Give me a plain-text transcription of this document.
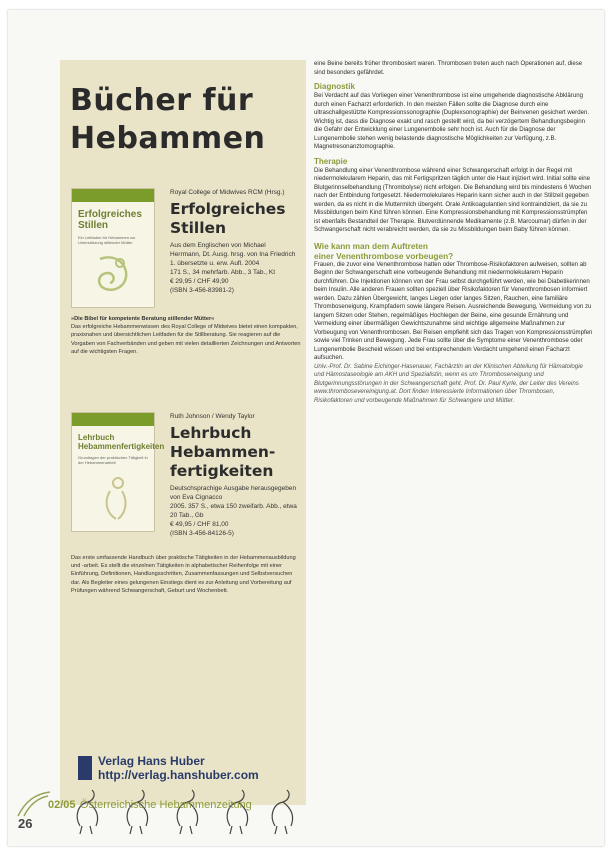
Bücher für
Hebammen
Erfolgreiches Stillen
Ein Leitfaden für Hebammen zur Unterstützung stillender Mütter
Royal College of Midwives RCM (Hrsg.)
Erfolgreiches
Stillen
Aus dem Englischen von Michael Herrmann, Dt. Ausg. hrsg. von Ina Friedrich
1. übersetzte u. erw. Aufl. 2004
171 S., 34 mehrfarb. Abb., 3 Tab., Kt
€ 29,95 / CHF 49,90
(ISBN 3-456-83981-2)
»Die Bibel für kompetente Beratung stillender Mütter«
Das erfolgreiche Hebammenwissen des Royal College of Midwives bietet einen kompakten, praxisnahen und übersichtlichen Leitfaden für die Stillberatung. Sie reagieren auf die Vorgaben von Fachverbänden und geben mit vielen detaillierten Zeichnungen und Antworten auf die wichtigsten Fragen.
Lehrbuch Hebammenfertigkeiten
Grundlagen der praktischen Tätigkeit in der Hebammenarbeit
Ruth Johnson / Wendy Taylor
Lehrbuch
Hebammen-
fertigkeiten
Deutschsprachige Ausgabe herausgegeben von Eva Cignacco
2005. 357 S., etwa 150 zweifarb. Abb., etwa 20 Tab., Gb
€ 49,95 / CHF 81,00
(ISBN 3-456-84126-5)
Das erste umfassende Handbuch über praktische Tätigkeiten in der Hebammenausbildung und -arbeit. Es stellt die einzelnen Tätigkeiten in alphabetischer Reihenfolge mit einer Einführung, Definitionen, Handlungsschritten, Zusammenfassungen und Selbstversuchen dar. Als Begleiter eines gelungenen Einstiegs dient es zur Anleitung und Vorbereitung auf Prüfungen während Schwangerschaft, Geburt und Wochenbett.
Verlag Hans Huber
http://verlag.hanshuber.com

eine Beine bereits früher thrombosiert waren. Thrombosen treten auch nach Operationen auf, diese sind besonders gefährdet.

Diagnostik

Bei Verdacht auf das Vorliegen einer Venenthrombose ist eine umgehende diagnostische Abklärung durch einen Facharzt erforderlich. In den meisten Fällen sollte die Diagnose durch eine ultraschallgestützte Kompressionssonographie (Duplexsonographie) der Beinvenen gesichert werden. Wichtig ist, dass die Diagnose exakt und rasch gestellt wird, da bei verzögertem Behandlungsbeginn die Gefahr der Entwicklung einer Lungenembolie sehr hoch ist. Auch für die Diagnose der Lungenembolie stehen wenig belastende diagnostische Möglichkeiten zur Verfügung, z.B. Magnetresonanztomographie.

Therapie

Die Behandlung einer Venenthrombose während einer Schwangerschaft erfolgt in der Regel mit niedermolekularem Heparin, das mit Fertigspritzen täglich unter die Haut injiziert wird. Initial sollte eine Blutgerinnselbehandlung (Thrombolyse) nicht erfolgen. Die Behandlung wird bis mindestens 6 Wochen nach der Entbindung fortgesetzt. Niedermolekulares Heparin kann sicher auch in der Stillzeit gegeben werden, da es nicht in die Muttermilch übergeht. Orale Antikoagulantien sind kontraindiziert, da sie zu Missbildungen beim Kind führen können. Eine Kompressionsbehandlung mit Kompressionsstrümpfen ist ebenfalls Bestandteil der Therapie. Blutverdünnende Medikamente (z.B. Marcoumar) dürfen in der Schwangerschaft nicht verabreicht werden, da sie zu Missbildungen beim Baby führen können.

Wie kann man dem Auftreten
einer Venenthrombose vorbeugen?

Frauen, die zuvor eine Venenthrombose hatten oder Thrombose-Risikofaktoren aufweisen, sollten ab Beginn der Schwangerschaft eine vorbeugende Behandlung mit niedermolekularem Heparin durchführen. Die Injektionen können von der Frau selbst durchgeführt werden, wie bei Diabetikerinnen beim Insulin. Alle anderen Frauen sollten speziell über Risikofaktoren für Venenthrombosen informiert werden. Dazu zählen Übergewicht, langes Liegen oder langes Sitzen, Rauchen, eine familiäre Thromboseneigung, Krampfadern sowie längere Reisen. Ausreichende Bewegung, Vermeidung von zu langem Sitzen oder Stehen, regelmäßiges Hochlegen der Beine, eine gesunde Ernährung und Vermeidung einer übermäßigen Gewichtszunahme sind wichtige allgemeine Maßnahmen zur Vorbeugung von Venenthrombosen. Bei Reisen empfiehlt sich das Tragen von Kompressionsstrümpfen sowie viel Trinken und Bewegung. Jede Frau sollte über die Symptome einer Venenthrombose oder Lungenembolie Bescheid wissen und bei entsprechendem Verdacht umgehend einen Facharzt aufsuchen.

Univ.-Prof. Dr. Sabine Eichinger-Hasenauer, Fachärztin an der Klinischen Abteilung für Hämatologie und Hämostaseologie am AKH und Spezialistin, wenn es um Thromboseneigung und Blutgerinnungsstörungen in der Schwangerschaft geht. Prof. Dr. Paul Kyrle, der Leiter des Vereins www.thrombosevereinigung.at. Dort finden Interessierte Informationen über Thrombosen, Risikofaktoren und vorbeugende Maßnahmen für Schwangere und Mütter.

26
02/05 Österreichische Hebammenzeitung
